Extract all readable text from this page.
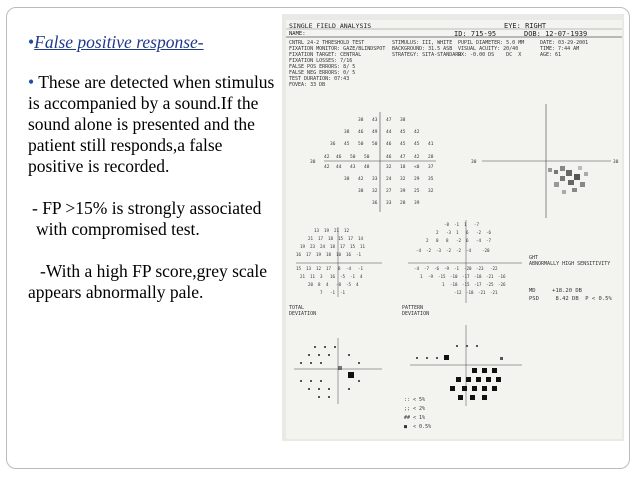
•False positive response-

• These are detected when stimulus is accompanied by a sound.If the sound alone is presented and the patient still responds,a false positive is recorded.

- FP >15% is strongly associated with compromised test.

-With a high FP score,grey scale appears abnormally pale.

SINGLE FIELD ANALYSIS	EYE: RIGHT
NAME:	ID: 715-95	DOB: 12-07-1939
CNTRL 24-2 THRESHOLD TEST
FIXATION MONITOR: GAZE/BLINDSPOT
FIXATION TARGET: CENTRAL
FIXATION LOSSES: 7/16
FALSE POS ERRORS: 8/ 5
FALSE NEG ERRORS: 0/ 5
TEST DURATION: 07:43
FOVEA: 33 DB
STIMULUS: III, WHITE
BACKGROUND: 31.5 ASB
STRATEGY: SITA-STANDARD
PUPIL DIAMETER: 5.0 MM
VISUAL ACUITY: 20/40
RX: -0.00 DS    DC  X
DATE: 03-29-2001
TIME: 7:44 AM
AGE: 61
38 43 47 38
38 46 49 44 45 42
36 45 50 50 46 45 45 41
42 46 50 50	46 47 42 28
42 44 43 48	32 18 <0 37
38 42 33 24 32 29 35
38 32 27 39 25 32
36 33 28 39
30	30
30
13 19 21 12
21 17 18 15 17 14
19 23 24 18 17 15 11
16 17 19 18 10 16 -1
15 13 12 17 8 -4 -1
21 11 3 16 -5 -1 4
20 8 4 -8 -5 4
7 -1 -1
-8 -1 1 -7
2 -3 1 6 -2 -6
2 0 8 -2 6 -4 -7
-4 -2 -3 -2 -2 -4	-20
-4 -7 -6 -9 -1 -20 -23 -22
1 -9 -15 -10 -17 -18 -21 -16
1 -18 -15 -17 -25 -26
-12 -18 -21 -21
TOTAL
DEVIATION
PATTERN
DEVIATION
GHT
ABNORMALLY HIGH SENSITIVITY
MD     +18.20 DB
PSD     8.42 DB  P < 0.5%
:: < 5%
;; < 2%
## < 1%
■  < 0.5%
